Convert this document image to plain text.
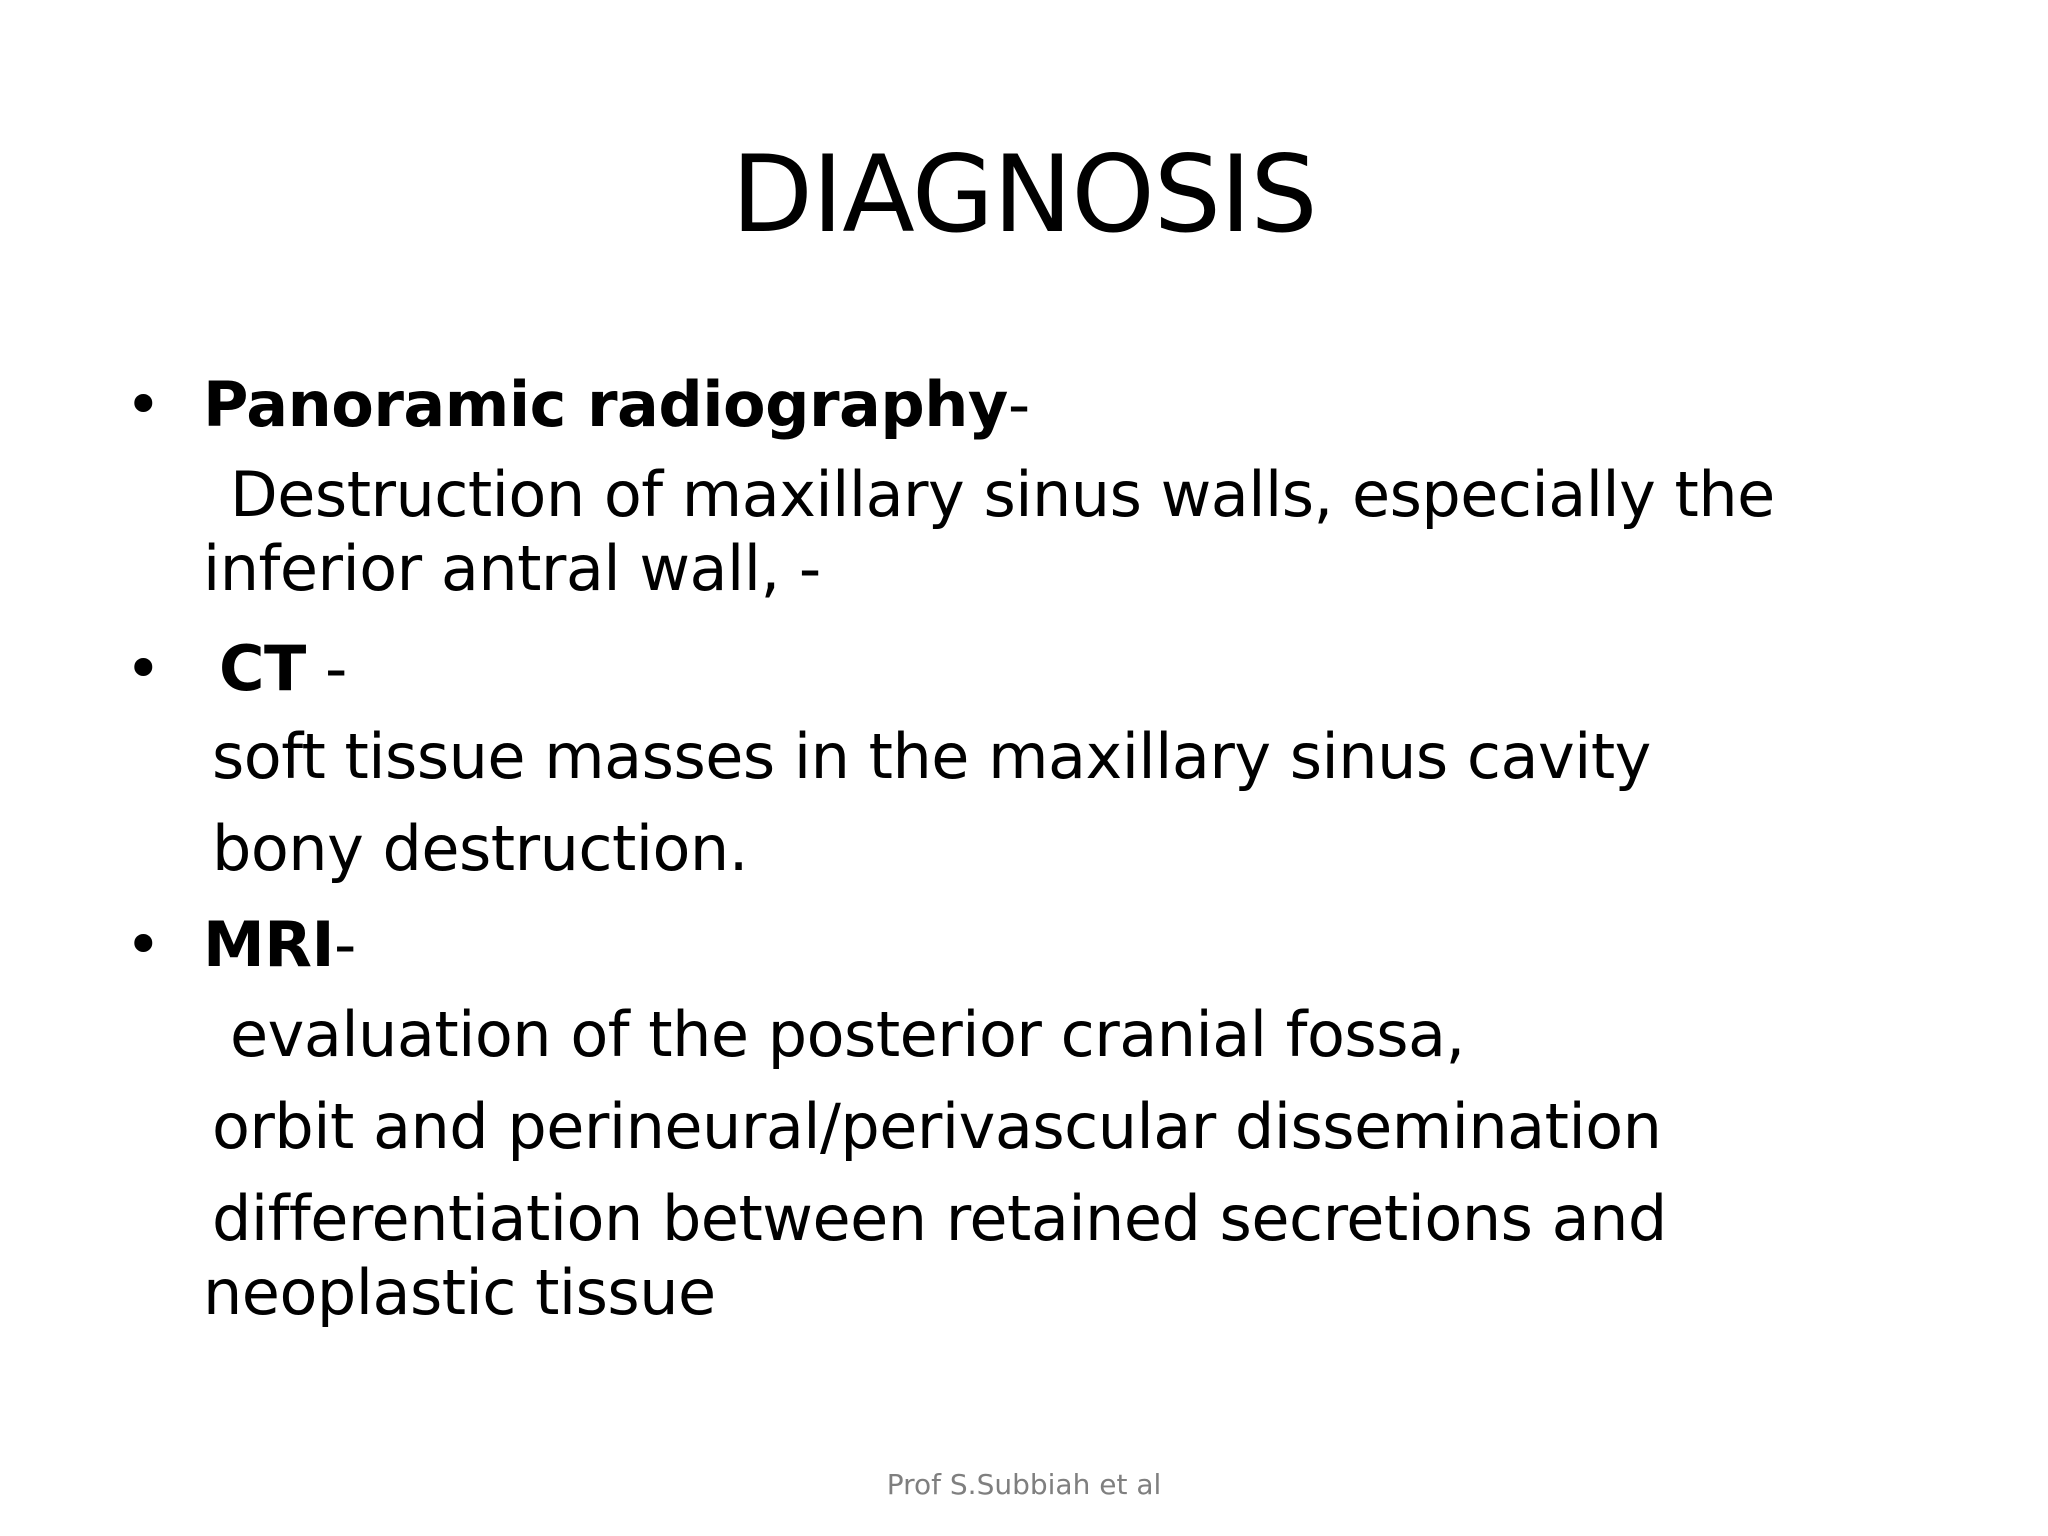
DIAGNOSIS
• Panoramic radiography-
Destruction of maxillary sinus walls, especially the
inferior antral wall, -
• CT -
soft tissue masses in the maxillary sinus cavity
bony destruction.
• MRI-
evaluation of the posterior cranial fossa,
orbit and perineural/perivascular dissemination
differentiation between retained secretions and
neoplastic tissue
Prof S.Subbiah et al
